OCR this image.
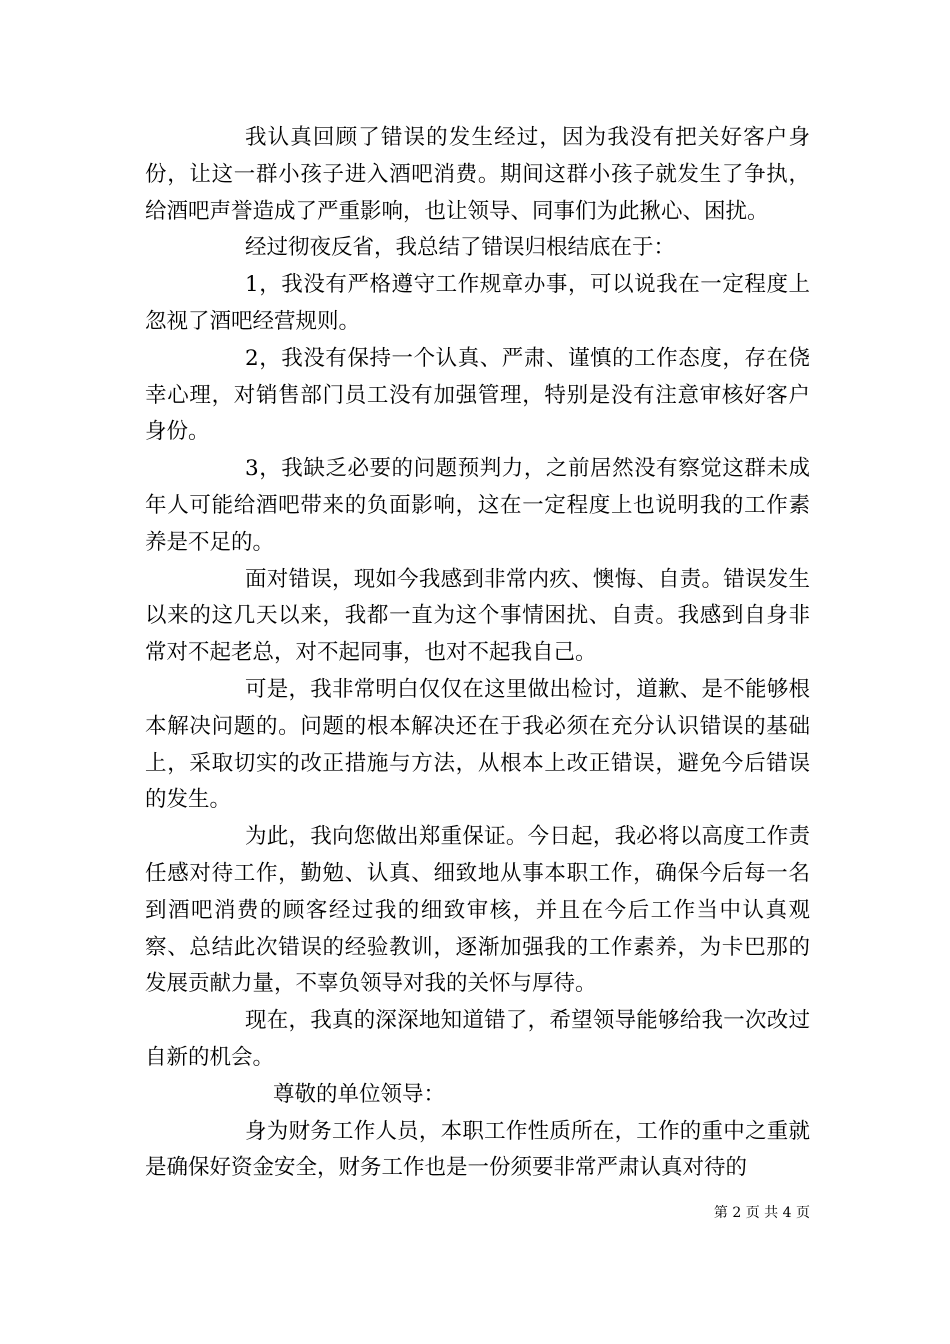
我认真回顾了错误的发生经过，因为我没有把关好客户身份，让这一群小孩子进入酒吧消费。期间这群小孩子就发生了争执，给酒吧声誉造成了严重影响，也让领导、同事们为此揪心、困扰。

经过彻夜反省，我总结了错误归根结底在于：

1，我没有严格遵守工作规章办事，可以说我在一定程度上忽视了酒吧经营规则。

2，我没有保持一个认真、严肃、谨慎的工作态度，存在侥幸心理，对销售部门员工没有加强管理，特别是没有注意审核好客户身份。

3，我缺乏必要的问题预判力，之前居然没有察觉这群未成年人可能给酒吧带来的负面影响，这在一定程度上也说明我的工作素养是不足的。

面对错误，现如今我感到非常内疚、懊悔、自责。错误发生以来的这几天以来，我都一直为这个事情困扰、自责。我感到自身非常对不起老总，对不起同事，也对不起我自己。

可是，我非常明白仅仅在这里做出检讨，道歉、是不能够根本解决问题的。问题的根本解决还在于我必须在充分认识错误的基础上，采取切实的改正措施与方法，从根本上改正错误，避免今后错误的发生。

为此，我向您做出郑重保证。今日起，我必将以高度工作责任感对待工作，勤勉、认真、细致地从事本职工作，确保今后每一名到酒吧消费的顾客经过我的细致审核，并且在今后工作当中认真观察、总结此次错误的经验教训，逐渐加强我的工作素养，为卡巴那的发展贡献力量，不辜负领导对我的关怀与厚待。

现在，我真的深深地知道错了，希望领导能够给我一次改过自新的机会。

尊敬的单位领导：

身为财务工作人员，本职工作性质所在，工作的重中之重就是确保好资金安全，财务工作也是一份须要非常严肃认真对待的

第 2 页 共 4 页
